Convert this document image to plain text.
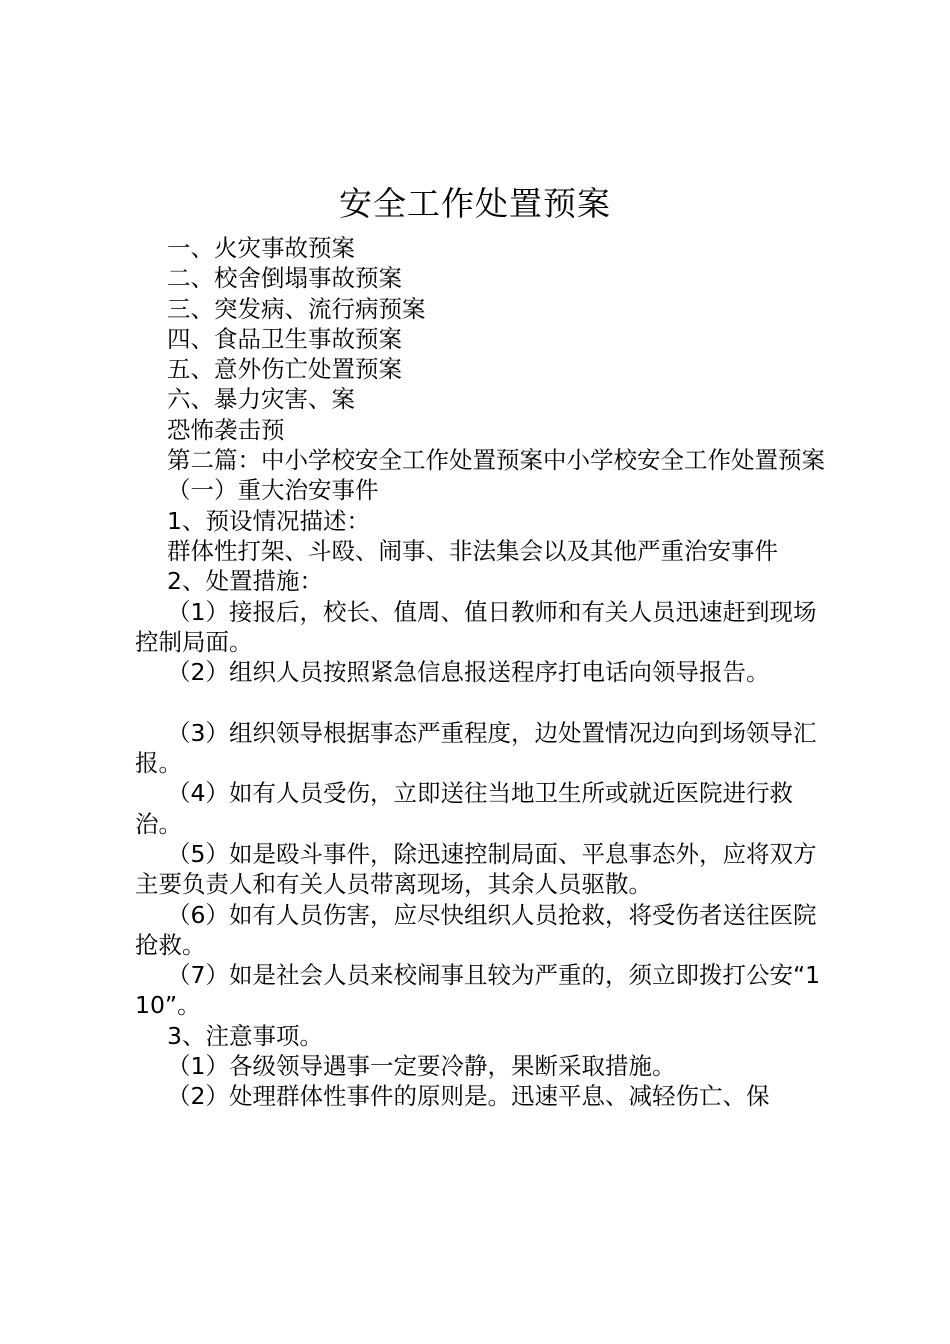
安全工作处置预案

一、火灾事故预案

二、校舍倒塌事故预案

三、突发病、流行病预案

四、食品卫生事故预案

五、意外伤亡处置预案

六、暴力灾害、案

恐怖袭击预

第二篇：中小学校安全工作处置预案中小学校安全工作处置预案

（一）重大治安事件

1、预设情况描述：

群体性打架、斗殴、闹事、非法集会以及其他严重治安事件

2、处置措施：

（1）接报后，校长、值周、值日教师和有关人员迅速赶到现场控制局面。

（2）组织人员按照紧急信息报送程序打电话向领导报告。

（3）组织领导根据事态严重程度，边处置情况边向到场领导汇报。

（4）如有人员受伤，立即送往当地卫生所或就近医院进行救治。

（5）如是殴斗事件，除迅速控制局面、平息事态外，应将双方主要负责人和有关人员带离现场，其余人员驱散。

（6）如有人员伤害，应尽快组织人员抢救，将受伤者送往医院抢救。

（7）如是社会人员来校闹事且较为严重的，须立即拨打公安“110”。

3、注意事项。

（1）各级领导遇事一定要冷静，果断采取措施。

（2）处理群体性事件的原则是。迅速平息、减轻伤亡、保
